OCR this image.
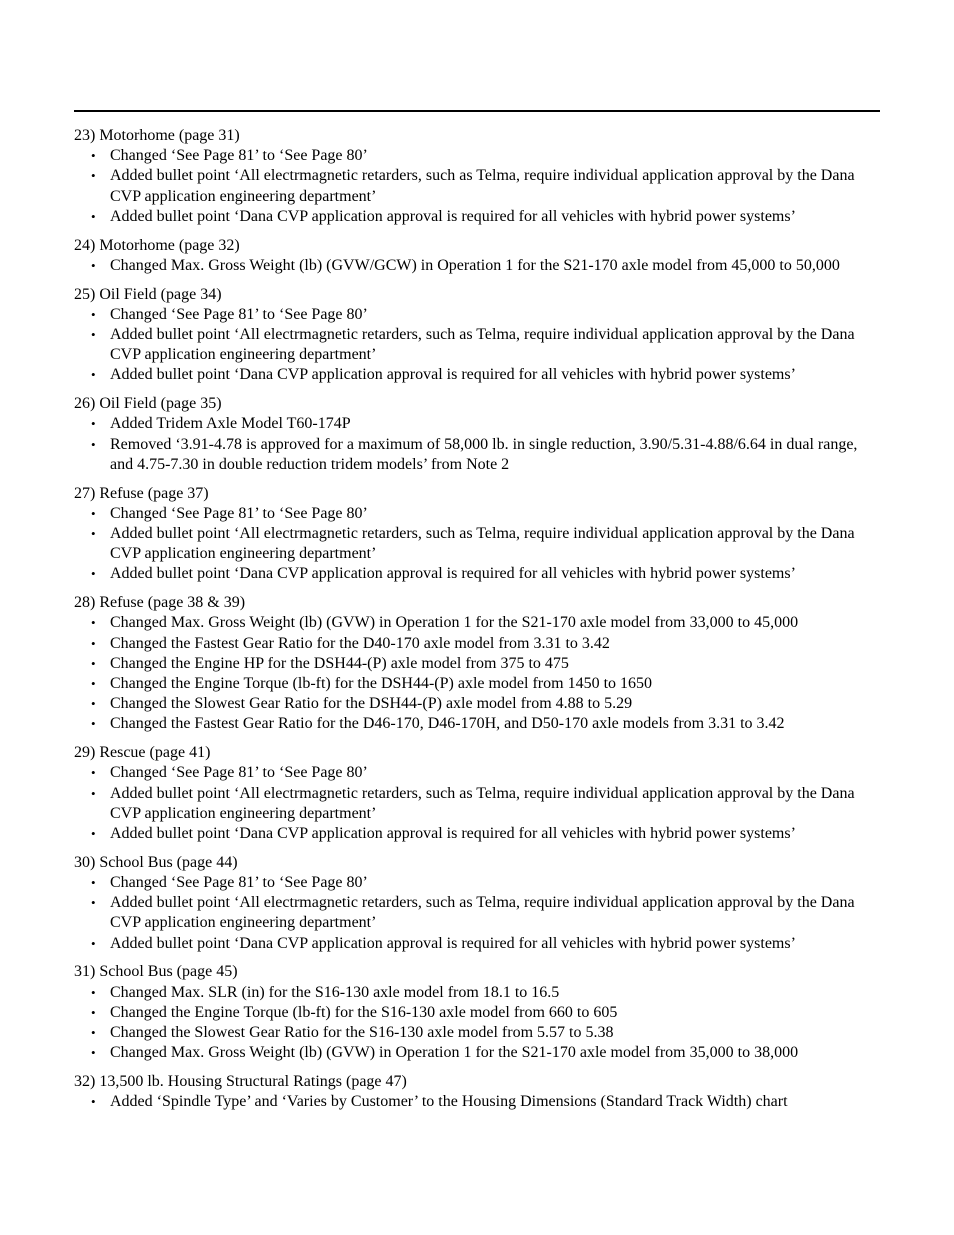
23) Motorhome (page 31)
• Changed ‘See Page 81’ to ‘See Page 80’
• Added bullet point ‘All electrmagnetic retarders, such as Telma, require individual application approval by the Dana CVP application engineering department’
• Added bullet point ‘Dana CVP application approval is required for all vehicles with hybrid power systems’
24) Motorhome (page 32)
• Changed Max. Gross Weight (lb) (GVW/GCW) in Operation 1 for the S21-170 axle model from 45,000 to 50,000
25) Oil Field (page 34)
• Changed ‘See Page 81’ to ‘See Page 80’
• Added bullet point ‘All electrmagnetic retarders, such as Telma, require individual application approval by the Dana CVP application engineering department’
• Added bullet point ‘Dana CVP application approval is required for all vehicles with hybrid power systems’
26) Oil Field (page 35)
• Added Tridem Axle Model T60-174P
• Removed ‘3.91-4.78 is approved for a maximum of 58,000 lb. in single reduction, 3.90/5.31-4.88/6.64 in dual range, and 4.75-7.30 in double reduction tridem models’ from Note 2
27) Refuse (page 37)
• Changed ‘See Page 81’ to ‘See Page 80’
• Added bullet point ‘All electrmagnetic retarders, such as Telma, require individual application approval by the Dana CVP application engineering department’
• Added bullet point ‘Dana CVP application approval is required for all vehicles with hybrid power systems’
28) Refuse (page 38 & 39)
• Changed Max. Gross Weight (lb) (GVW) in Operation 1 for the S21-170 axle model from 33,000 to 45,000
• Changed the Fastest Gear Ratio for the D40-170 axle model from 3.31 to 3.42
• Changed the Engine HP for the DSH44-(P) axle model from 375 to 475
• Changed the Engine Torque (lb-ft) for the DSH44-(P) axle model from 1450 to 1650
• Changed the Slowest Gear Ratio for the DSH44-(P) axle model from 4.88 to 5.29
• Changed the Fastest Gear Ratio for the D46-170, D46-170H, and D50-170 axle models from 3.31 to 3.42
29) Rescue (page 41)
• Changed ‘See Page 81’ to ‘See Page 80’
• Added bullet point ‘All electrmagnetic retarders, such as Telma, require individual application approval by the Dana CVP application engineering department’
• Added bullet point ‘Dana CVP application approval is required for all vehicles with hybrid power systems’
30) School Bus (page 44)
• Changed ‘See Page 81’ to ‘See Page 80’
• Added bullet point ‘All electrmagnetic retarders, such as Telma, require individual application approval by the Dana CVP application engineering department’
• Added bullet point ‘Dana CVP application approval is required for all vehicles with hybrid power systems’
31) School Bus (page 45)
• Changed Max. SLR (in) for the S16-130 axle model from 18.1 to 16.5
• Changed the Engine Torque (lb-ft) for the S16-130 axle model from 660 to 605
• Changed the Slowest Gear Ratio for the S16-130 axle model from 5.57 to 5.38
• Changed Max. Gross Weight (lb) (GVW) in Operation 1 for the S21-170 axle model from 35,000 to 38,000
32) 13,500 lb. Housing Structural Ratings (page 47)
• Added ‘Spindle Type’ and ‘Varies by Customer’ to the Housing Dimensions (Standard Track Width) chart
